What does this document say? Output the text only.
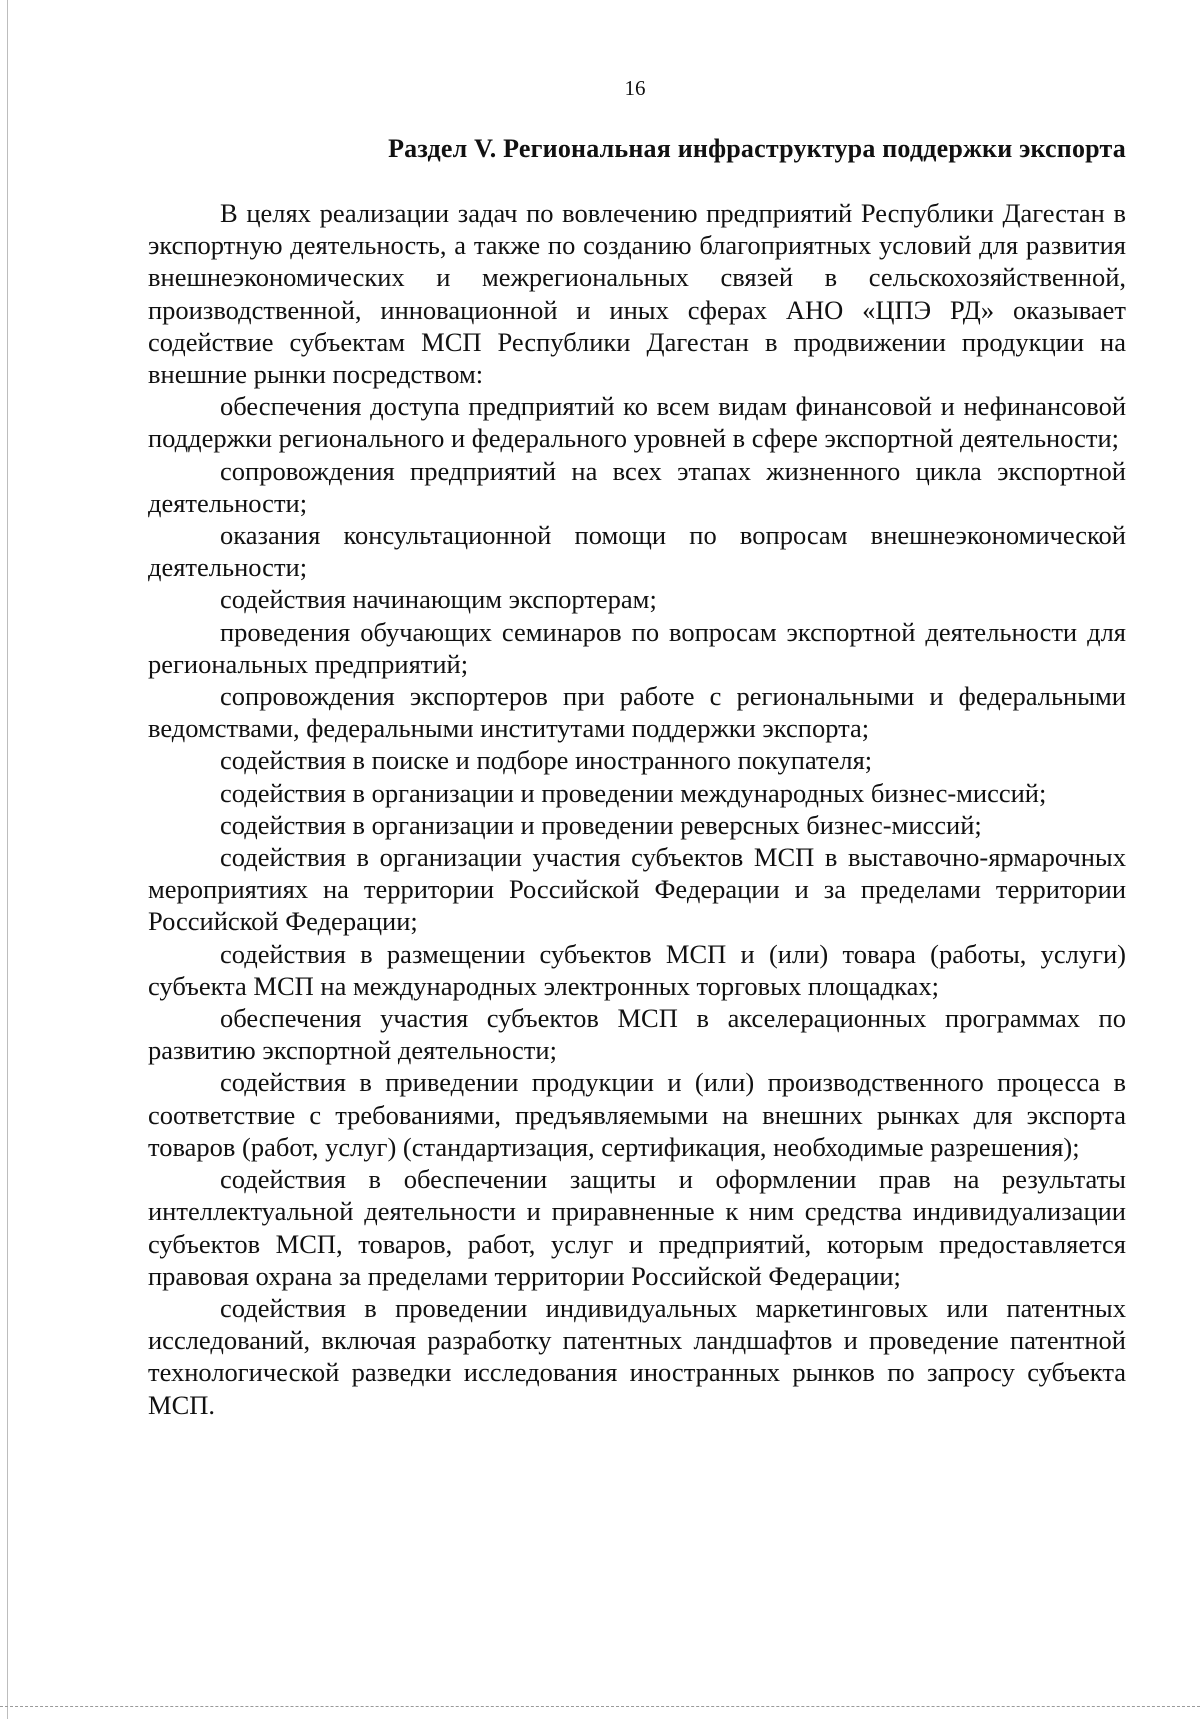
16
Раздел V. Региональная инфраструктура поддержки экспорта

В целях реализации задач по вовлечению предприятий Республики Дагестан в экспортную деятельность, а также по созданию благоприятных условий для развития внешнеэкономических и межрегиональных связей в сельскохозяйственной, производственной, инновационной и иных сферах АНО «ЦПЭ РД» оказывает содействие субъектам МСП Республики Дагестан в продвижении продукции на внешние рынки посредством:

обеспечения доступа предприятий ко всем видам финансовой и нефинансовой поддержки регионального и федерального уровней в сфере экспортной деятельности;

сопровождения предприятий на всех этапах жизненного цикла экспортной деятельности;

оказания консультационной помощи по вопросам внешнеэкономической деятельности;

содействия начинающим экспортерам;

проведения обучающих семинаров по вопросам экспортной деятельности для региональных предприятий;

сопровождения экспортеров при работе с региональными и федеральными ведомствами, федеральными институтами поддержки экспорта;

содействия в поиске и подборе иностранного покупателя;

содействия в организации и проведении международных бизнес-миссий;

содействия в организации и проведении реверсных бизнес-миссий;

содействия в организации участия субъектов МСП в выставочно-ярмарочных мероприятиях на территории Российской Федерации и за пределами территории Российской Федерации;

содействия в размещении субъектов МСП и (или) товара (работы, услуги) субъекта МСП на международных электронных торговых площадках;

обеспечения участия субъектов МСП в акселерационных программах по развитию экспортной деятельности;

содействия в приведении продукции и (или) производственного процесса в соответствие с требованиями, предъявляемыми на внешних рынках для экспорта товаров (работ, услуг) (стандартизация, сертификация, необходимые разрешения);

содействия в обеспечении защиты и оформлении прав на результаты интеллектуальной деятельности и приравненные к ним средства индивидуализации субъектов МСП, товаров, работ, услуг и предприятий, которым предоставляется правовая охрана за пределами территории Российской Федерации;

содействия в проведении индивидуальных маркетинговых или патентных исследований, включая разработку патентных ландшафтов и проведение патентной технологической разведки исследования иностранных рынков по запросу субъекта МСП.
